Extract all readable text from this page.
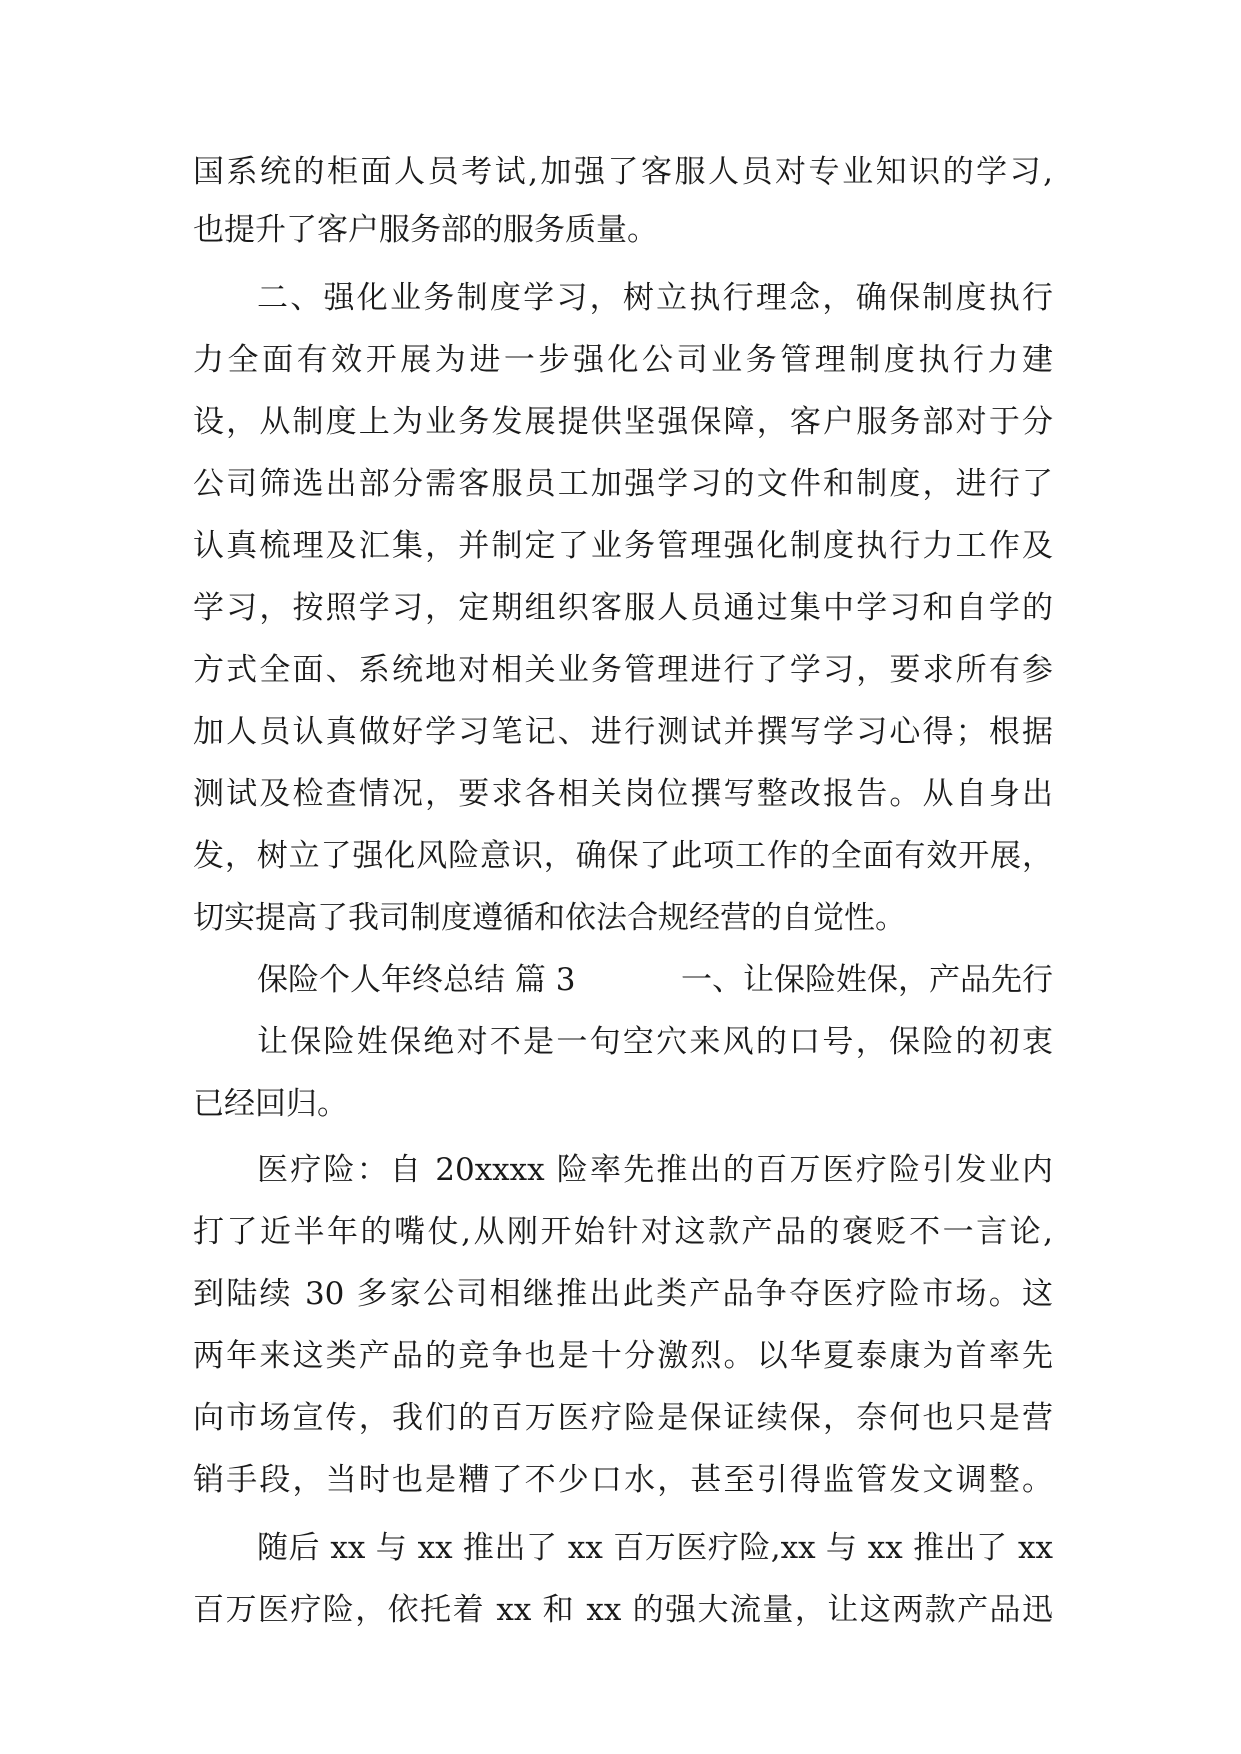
国系统的柜面人员考试,加强了客服人员对专业知识的学习,
也提升了客户服务部的服务质量。
二、强化业务制度学习，树立执行理念，确保制度执行
力全面有效开展为进一步强化公司业务管理制度执行力建
设，从制度上为业务发展提供坚强保障，客户服务部对于分
公司筛选出部分需客服员工加强学习的文件和制度，进行了
认真梳理及汇集，并制定了业务管理强化制度执行力工作及
学习，按照学习，定期组织客服人员通过集中学习和自学的
方式全面、系统地对相关业务管理进行了学习，要求所有参
加人员认真做好学习笔记、进行测试并撰写学习心得；根据
测试及检查情况，要求各相关岗位撰写整改报告。从自身出
发，树立了强化风险意识，确保了此项工作的全面有效开展，
切实提高了我司制度遵循和依法合规经营的自觉性。
保险个人年终总结 篇 3	一、让保险姓保，产品先行
让保险姓保绝对不是一句空穴来风的口号，保险的初衷
已经回归。
医疗险：自 20xxxx 险率先推出的百万医疗险引发业内
打了近半年的嘴仗,从刚开始针对这款产品的褒贬不一言论,
到陆续 30 多家公司相继推出此类产品争夺医疗险市场。这
两年来这类产品的竞争也是十分激烈。以华夏泰康为首率先
向市场宣传，我们的百万医疗险是保证续保，奈何也只是营
销手段，当时也是糟了不少口水，甚至引得监管发文调整。
随后 xx 与 xx 推出了 xx 百万医疗险,xx 与 xx 推出了 xx
百万医疗险，依托着 xx 和 xx 的强大流量，让这两款产品迅
